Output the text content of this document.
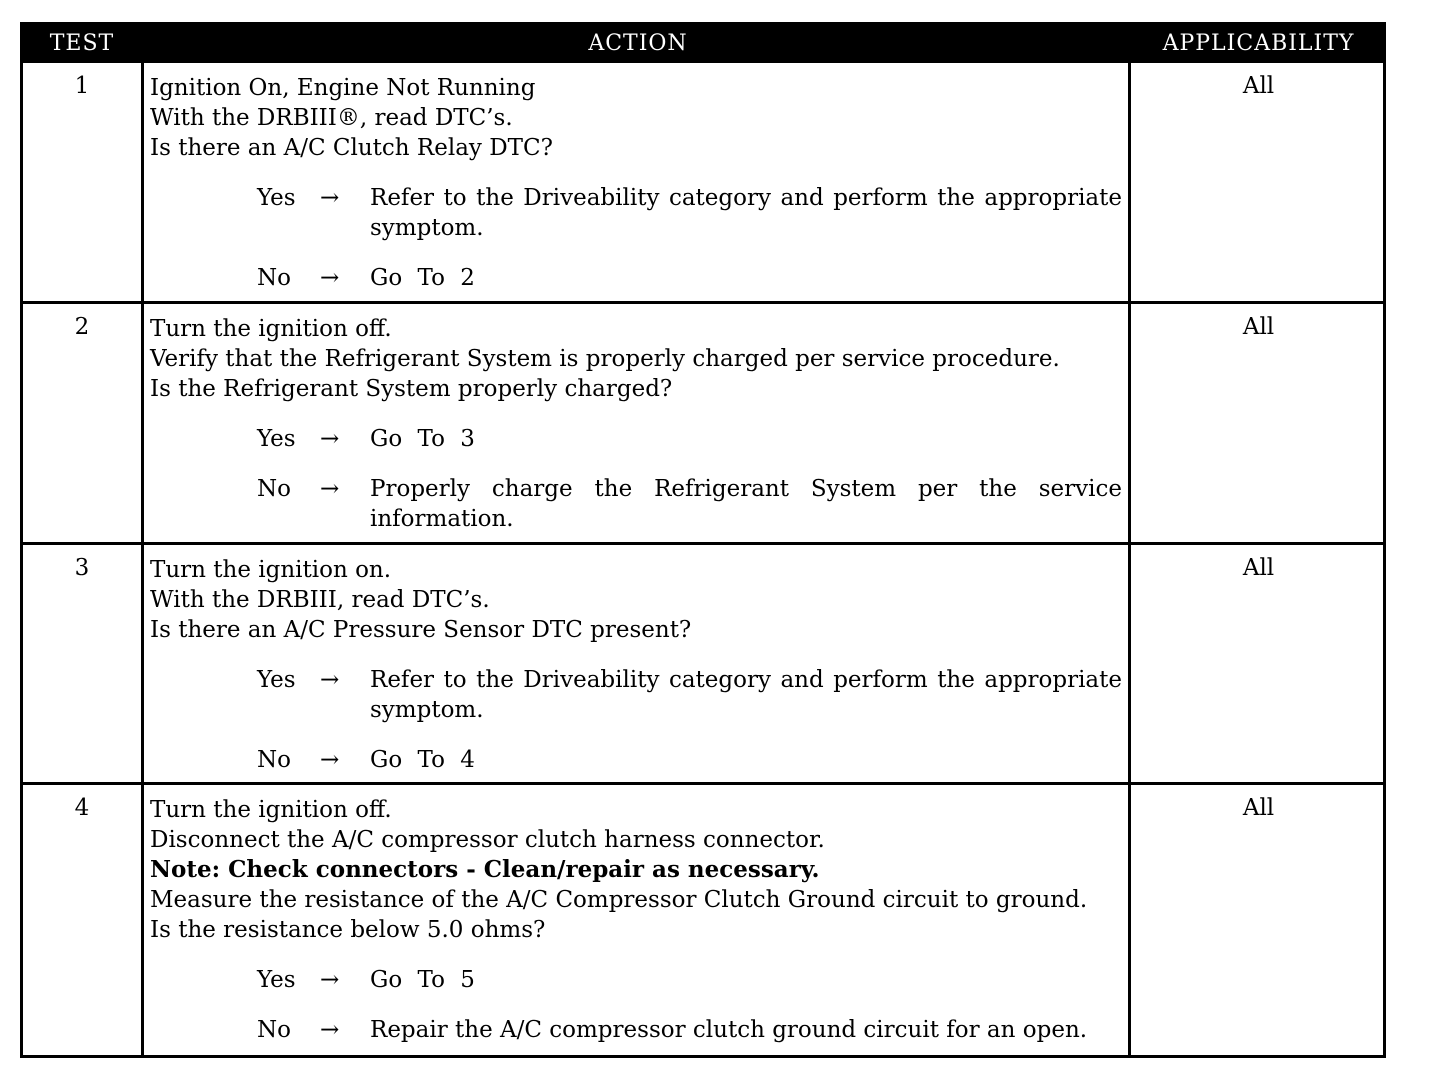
TEST	ACTION	APPLICABILITY
1	Ignition On, Engine Not Running
With the DRBIII®, read DTC’s.
Is there an A/C Clutch Relay DTC?
Yes → Refer to the Driveability category and perform the appropriate symptom.
No → Go To 2
All
2	Turn the ignition off.
Verify that the Refrigerant System is properly charged per service procedure.
Is the Refrigerant System properly charged?
Yes → Go To 3
No → Properly charge the Refrigerant System per the service information.
All
3	Turn the ignition on.
With the DRBIII, read DTC’s.
Is there an A/C Pressure Sensor DTC present?
Yes → Refer to the Driveability category and perform the appropriate symptom.
No → Go To 4
All
4	Turn the ignition off.
Disconnect the A/C compressor clutch harness connector.
Note: Check connectors - Clean/repair as necessary.
Measure the resistance of the A/C Compressor Clutch Ground circuit to ground.
Is the resistance below 5.0 ohms?
Yes → Go To 5
No → Repair the A/C compressor clutch ground circuit for an open.
All
